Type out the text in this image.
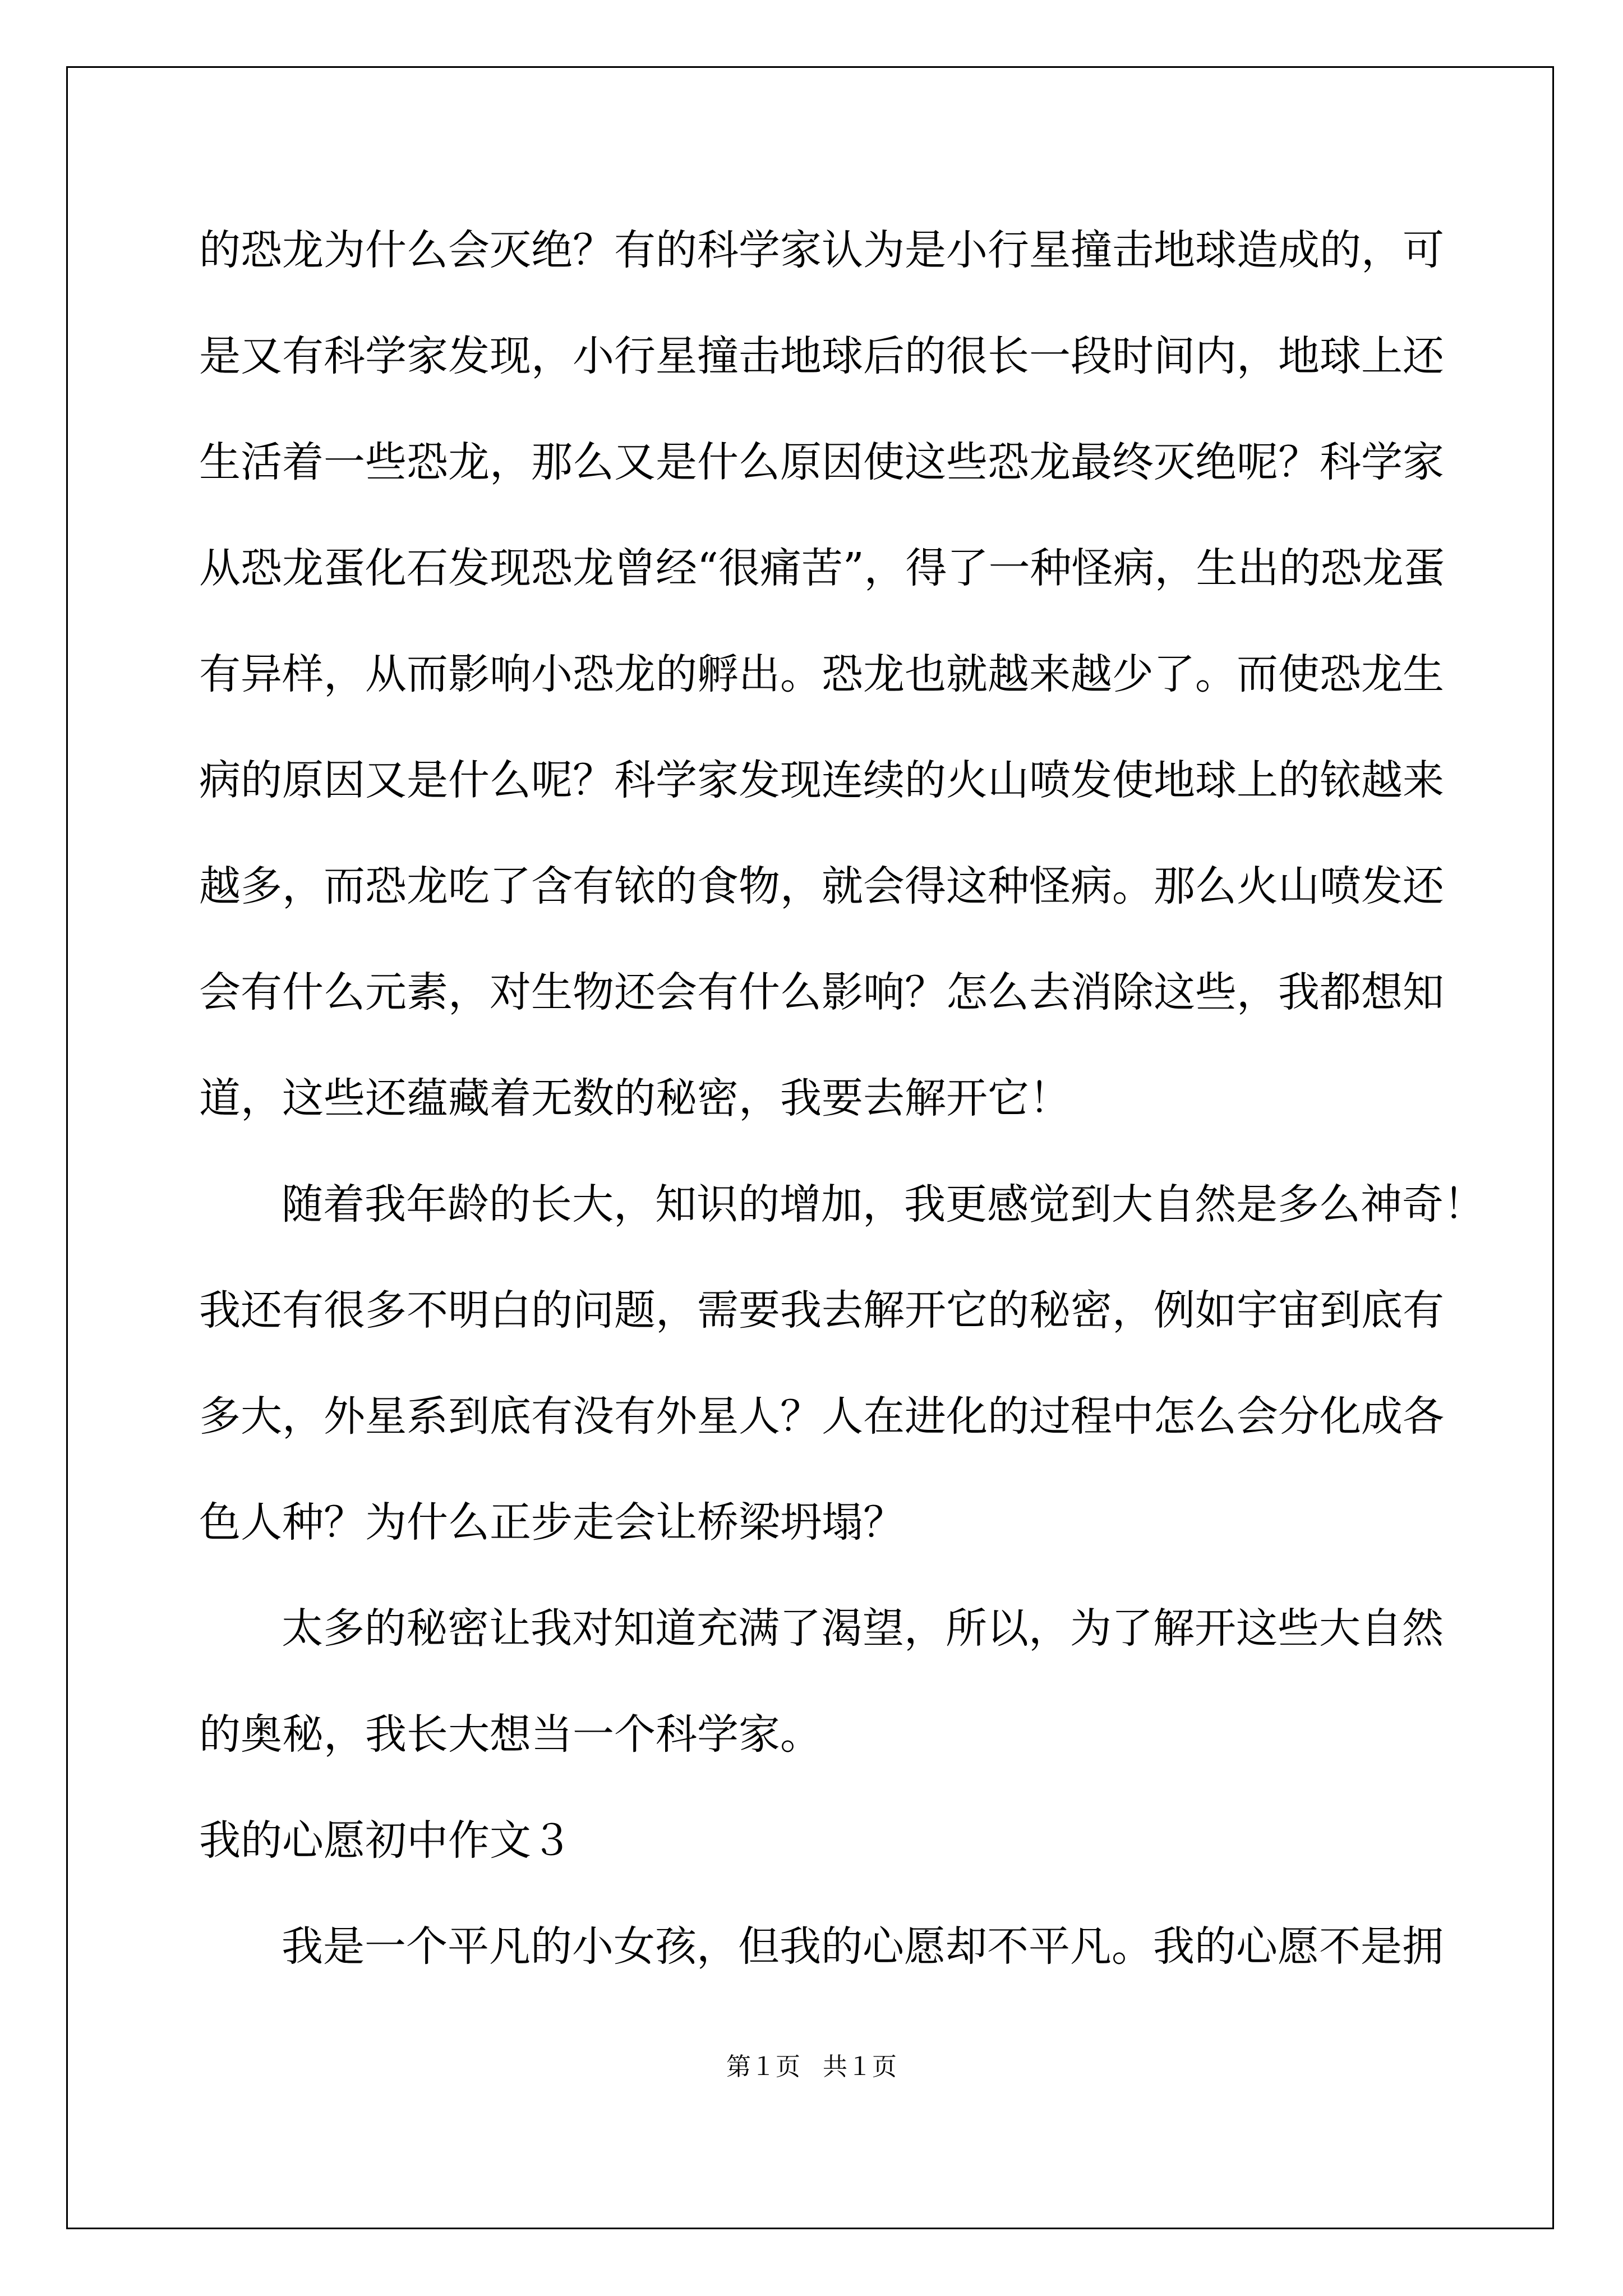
的恐龙为什么会灭绝？有的科学家认为是小行星撞击地球造成的，可

是又有科学家发现，小行星撞击地球后的很长一段时间内，地球上还

生活着一些恐龙，那么又是什么原因使这些恐龙最终灭绝呢？科学家

从恐龙蛋化石发现恐龙曾经“很痛苦”，得了一种怪病，生出的恐龙蛋

有异样，从而影响小恐龙的孵出。恐龙也就越来越少了。而使恐龙生

病的原因又是什么呢？科学家发现连续的火山喷发使地球上的铱越来

越多，而恐龙吃了含有铱的食物，就会得这种怪病。那么火山喷发还

会有什么元素，对生物还会有什么影响？怎么去消除这些，我都想知

道，这些还蕴藏着无数的秘密，我要去解开它！

随着我年龄的长大，知识的增加，我更感觉到大自然是多么神奇！

我还有很多不明白的问题，需要我去解开它的秘密，例如宇宙到底有

多大，外星系到底有没有外星人？人在进化的过程中怎么会分化成各

色人种？为什么正步走会让桥梁坍塌？

太多的秘密让我对知道充满了渴望，所以，为了解开这些大自然

的奥秘，我长大想当一个科学家。

我的心愿初中作文３

我是一个平凡的小女孩，但我的心愿却不平凡。我的心愿不是拥

第１页 共１页
